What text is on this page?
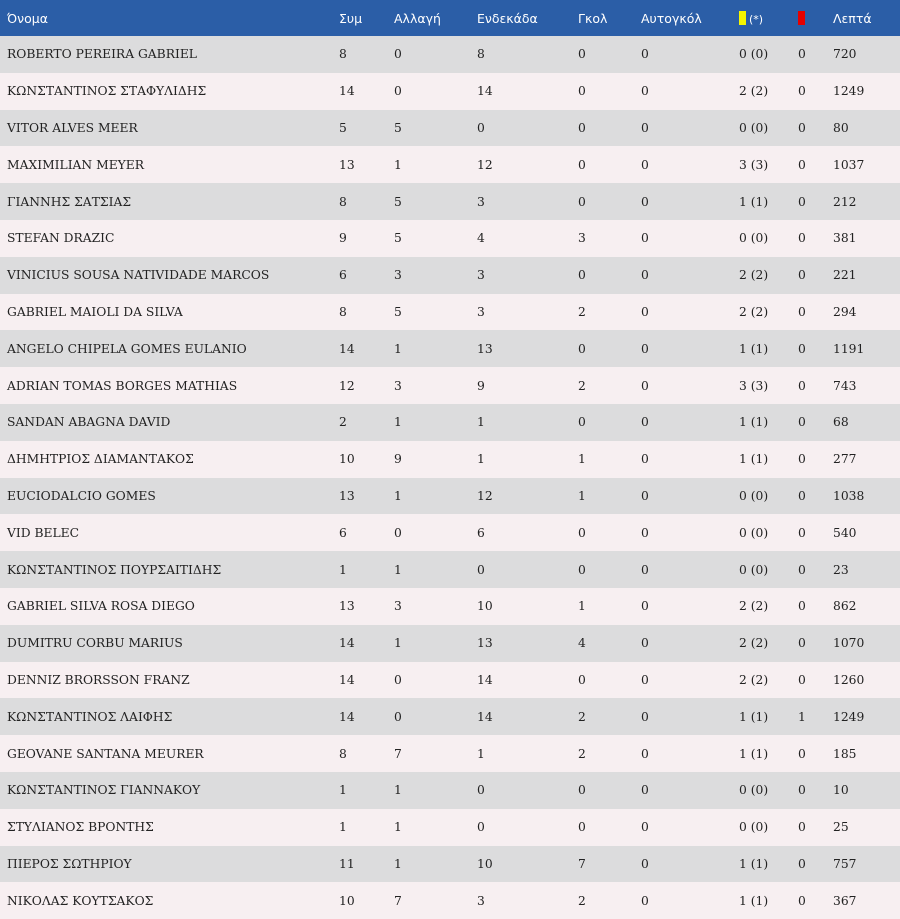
Όνομα	Συμ	Αλλαγή	Ενδεκάδα	Γκολ	Αυτογκόλ	(*)		Λεπτά
ROBERTO PEREIRA GABRIEL	8	0	8	0	0	0 (0)	0	720
ΚΩΝΣΤΑΝΤΙΝΟΣ ΣΤΑΦΥΛΙΔΗΣ	14	0	14	0	0	2 (2)	0	1249
VITOR ALVES MEER	5	5	0	0	0	0 (0)	0	80
MAXIMILIAN MEYER	13	1	12	0	0	3 (3)	0	1037
ΓΙΑΝΝΗΣ ΣΑΤΣΙΑΣ	8	5	3	0	0	1 (1)	0	212
STEFAN DRAZIC	9	5	4	3	0	0 (0)	0	381
VINICIUS SOUSA NATIVIDADE MARCOS	6	3	3	0	0	2 (2)	0	221
GABRIEL MAIOLI DA SILVA	8	5	3	2	0	2 (2)	0	294
ANGELO CHIPELA GOMES EULANIO	14	1	13	0	0	1 (1)	0	1191
ADRIAN TOMAS BORGES MATHIAS	12	3	9	2	0	3 (3)	0	743
SANDAN ABAGNA DAVID	2	1	1	0	0	1 (1)	0	68
ΔΗΜΗΤΡΙΟΣ ΔΙΑΜΑΝΤΑΚΟΣ	10	9	1	1	0	1 (1)	0	277
EUCIODALCIO GOMES	13	1	12	1	0	0 (0)	0	1038
VID BELEC	6	0	6	0	0	0 (0)	0	540
ΚΩΝΣΤΑΝΤΙΝΟΣ ΠΟΥΡΣΑΙΤΙΔΗΣ	1	1	0	0	0	0 (0)	0	23
GABRIEL SILVA ROSA DIEGO	13	3	10	1	0	2 (2)	0	862
DUMITRU CORBU MARIUS	14	1	13	4	0	2 (2)	0	1070
DENNIZ BRORSSON FRANZ	14	0	14	0	0	2 (2)	0	1260
ΚΩΝΣΤΑΝΤΙΝΟΣ ΛΑΙΦΗΣ	14	0	14	2	0	1 (1)	1	1249
GEOVANE SANTANA MEURER	8	7	1	2	0	1 (1)	0	185
ΚΩΝΣΤΑΝΤΙΝΟΣ ΓΙΑΝΝΑΚΟΥ	1	1	0	0	0	0 (0)	0	10
ΣΤΥΛΙΑΝΟΣ ΒΡΟΝΤΗΣ	1	1	0	0	0	0 (0)	0	25
ΠΙΕΡΟΣ ΣΩΤΗΡΙΟΥ	11	1	10	7	0	1 (1)	0	757
ΝΙΚΟΛΑΣ ΚΟΥΤΣΑΚΟΣ	10	7	3	2	0	1 (1)	0	367
